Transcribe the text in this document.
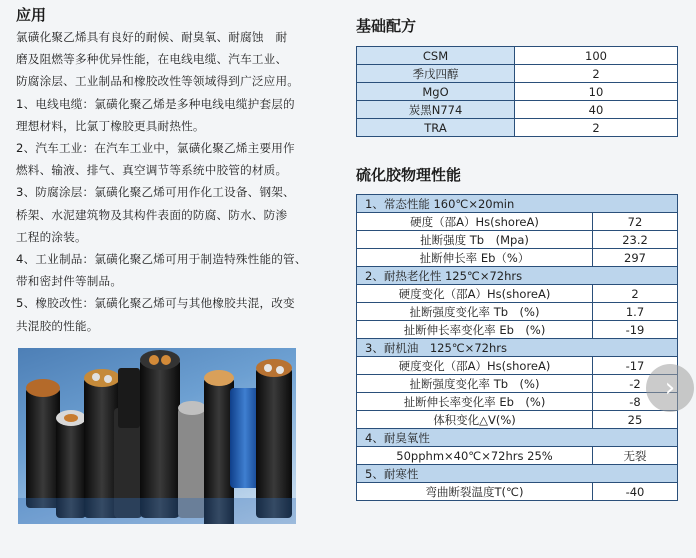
应用

氯磺化聚乙烯具有良好的耐候、耐臭氧、耐腐蚀　耐

磨及阻燃等多种优异性能，在电线电缆、汽车工业、

防腐涂层、工业制品和橡胶改性等领域得到广泛应用。

1、电线电缆：氯磺化聚乙烯是多种电线电缆护套层的

理想材料，比氯丁橡胶更具耐热性。

2、汽车工业：在汽车工业中，氯磺化聚乙烯主要用作

燃料、输液、排气、真空调节等系统中胶管的材质。

3、防腐涂层：氯磺化聚乙烯可用作化工设备、钢架、

桥架、水泥建筑物及其构件表面的防腐、防水、防渗

工程的涂装。

4、工业制品：氯磺化聚乙烯可用于制造特殊性能的管、

带和密封件等制品。

5、橡胶改性：氯磺化聚乙烯可与其他橡胶共混，改变

共混胶的性能。

基础配方
CSM	100
季戊四醇	2
MgO	10
炭黑N774	40
TRA	2
硫化胶物理性能
1、常态性能 160℃×20min	
硬度（邵A）Hs(shoreA)	72
扯断强度 Tb　(Mpa)	23.2
扯断伸长率 Eb（%）	297
2、耐热老化性 125℃×72hrs	
硬度变化（邵A）Hs(shoreA)	2
扯断强度变化率 Tb　(%)	1.7
扯断伸长率变化率 Eb　(%)	-19
3、耐机油　125℃×72hrs	
硬度变化（邵A）Hs(shoreA)	-17
扯断强度变化率 Tb　(%)	-2
扯断伸长率变化率 Eb　(%)	-8
体积变化△V(%)	25
4、耐臭氧性	
50pphm×40℃×72hrs 25%	无裂
5、耐寒性	
弯曲断裂温度T(℃)	-40
›
